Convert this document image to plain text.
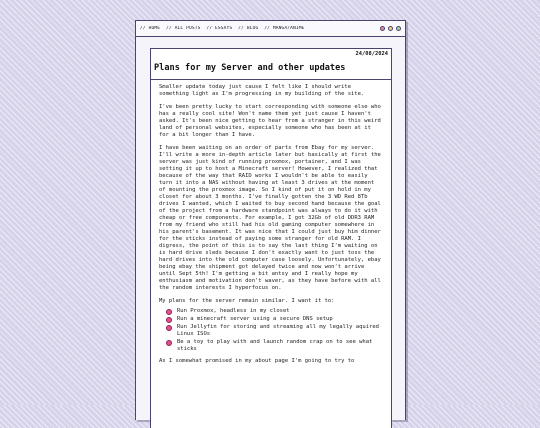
// HOME // ALL POSTS // ESSAYS // BLOG // MANGA/ANIME
24/08/2024
Plans for my Server and other updates

Smaller update today just cause I felt like I should write something light as I'm progressing in my building of the site.

I've been pretty lucky to start corresponding with someone else who has a really cool site! Won't name them yet just cause I haven't asked. It's been nice getting to hear from a stranger in this weird land of personal websites, especially someone who has been at it for a bit longer than I have.

I have been waiting on an order of parts from Ebay for my server. I'll write a more in-depth article later but basically at first the server was just kind of running proxmox, portainer, and I was setting it up to host a Minecraft server! However, I realized that because of the way that RAID works I wouldn't be able to easily turn it into a NAS without having at least 3 drives at the moment of mounting the proxmox image. So I kind of put it on hold in my closet for about 3 months. I've finally gotten the 3 WD Red 8Tb drives I wanted, which I waited to buy second hand because the goal of the project from a hardware standpoint was always to do it with cheap or free components. For example, I got 32Gb of old DDR3 RAM from my friend who still had his old gaming computer somewhere in his parent's basement. It was nice that I could just buy him dinner for the sticks instead of paying some stranger for old RAM. I digress, the point of this is to say the last thing I'm waiting on is hard drive sleds because I don't exactly want to just toss the hard drives into the old computer case loosely. Unfortunately, ebay being ebay the shipment got delayed twice and now won't arrive until Sept 5th! I'm getting a bit antsy and I really hope my enthusiasm and motivation don't waver, as they have before with all the random interests I hyperfocus on.

My plans for the server remain similar. I want it to:

Run Proxmox, headless in my closet
Run a minecraft server using a secure DNS setup
Run Jellyfin for storing and streaming all my legally aquired Linux ISOs
Be a toy to play with and launch random crap on to see what sticks

As I somewhat promised in my about page I'm going to try to
